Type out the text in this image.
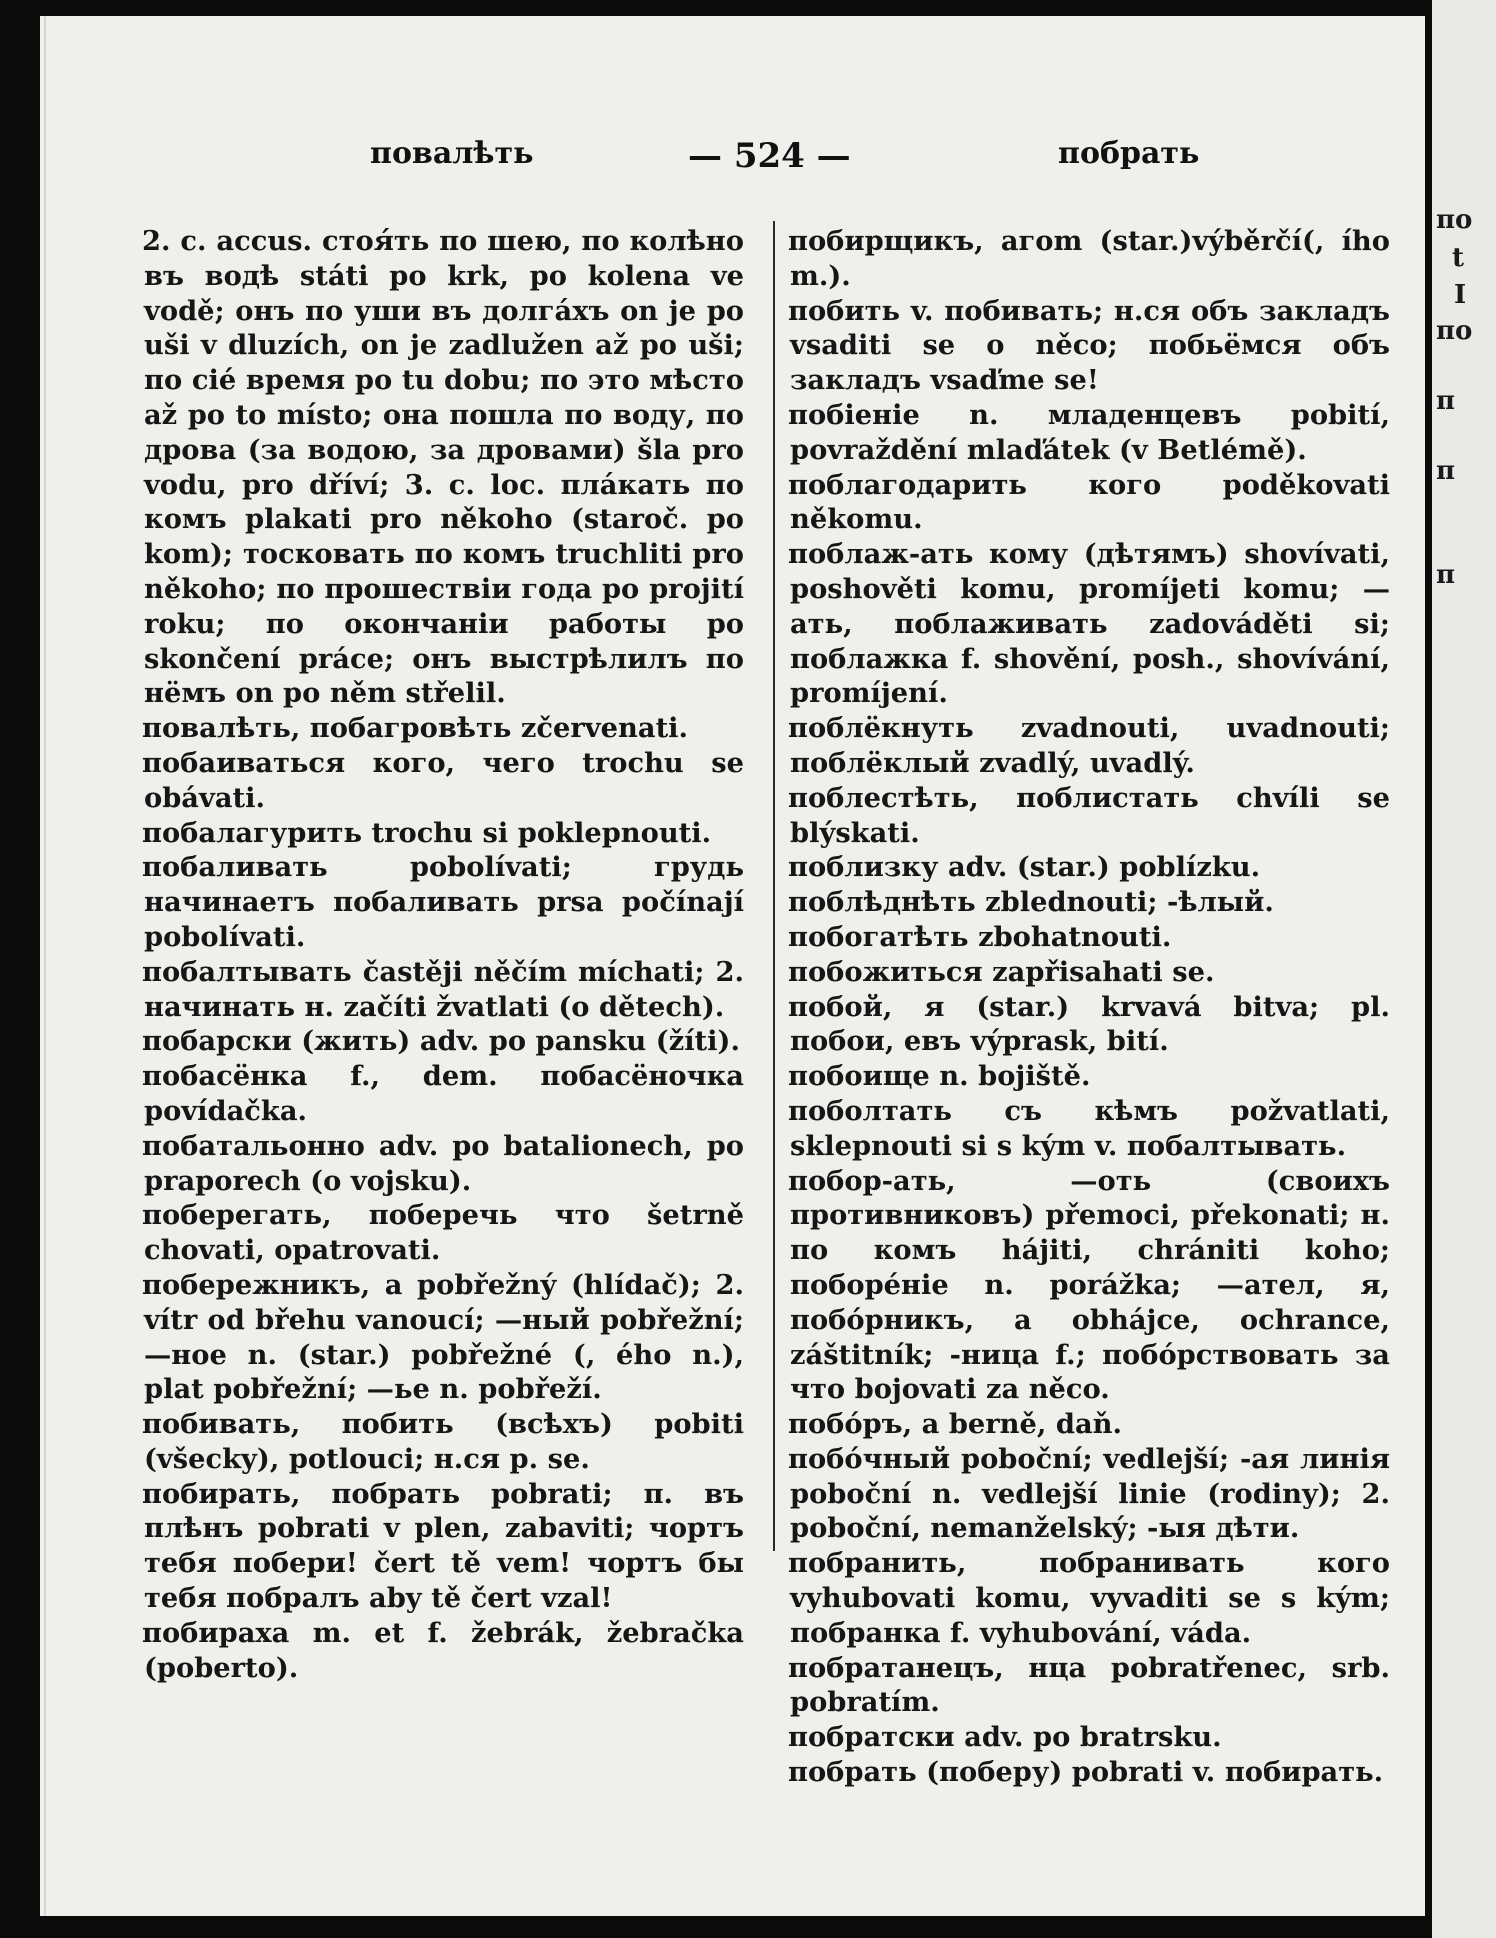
повалѣть	— 524 —	побрать

2. c. accus. стоя́ть по шею, по колѣно въ водѣ státi po krk, po kolena ve vodě; онъ по уши въ долга́хъ on je po uši v dluzích, on je zadlužen až po uši; по cié время po tu dobu; по это мѣсто až po to místo; она пошла по воду, по дрова (за водою, за дровами) šla pro vodu, pro dříví; 3. c. loc. пла́кать по комъ plakati pro někoho (staroč. po kom); тосковать по комъ truchliti pro někoho; по прошествіи года po projití roku; по окончаніи работы po skončení práce; онъ выстрѣлилъ по нёмъ on po něm střelil.

повалѣть, побагровѣть zčervenati.

побаиваться кого, чего trochu se obávati.

побалагурить trochu si poklepnouti.

побаливать pobolívati; грудь начинаетъ побаливать prsa počínají pobolívati.

побалтывать častěji něčím míchati; 2. начинать н. začíti žvatlati (o dětech).

побарски (жить) adv. po pansku (žíti).

побасёнка f., dem. побасёночка povídačka.

побатальонно adv. po batalionech, po praporech (o vojsku).

поберегать, поберечь что šetrně chovati, opatrovati.

побережникъ, a pobřežný (hlídač); 2. vítr od břehu vanoucí; —ный pobřežní; —ное n. (star.) pobřežné (, ého n.), plat pobřežní; —ье n. pobřeží.

побивать, побить (всѣхъ) pobiti (všecky), potlouci; н.ся p. se.

побирать, побрать pobrati; п. въ плѣнъ pobrati v plen, zabaviti; чортъ тебя побери! čert tě vem! чортъ бы тебя побралъ aby tě čert vzal!

побираха m. et f. žebrák, žebračka (poberto).

побирщикъ, aгоm (star.)výběrčí(, ího m.).

побить v. побивать; н.ся объ закладъ vsaditi se o něco; побьёмся объ закладъ vsaďme se!

побіеніе n. младенцевъ pobití, povraždění mlaďátek (v Betlémě).

поблагодарить кого poděkovati někomu.

поблаж-ать кому (дѣтямъ) shovívati, poshověti komu, promíjeti komu; —ать, поблаживать zadováděti si; поблажка f. shovění, posh., shovívání, promíjení.

поблёкнуть zvadnouti, uvadnouti; поблёклый zvadlý, uvadlý.

поблестѣть, поблистать chvíli se blýskati.

поблизку adv. (star.) poblízku.

поблѣднѣть zblednouti; -ѣлый.

побогатѣть zbohatnouti.

побожиться zapřisahati se.

побой, я (star.) krvavá bitva; pl. побои, евъ výprask, bití.

побоище n. bojiště.

поболтать съ кѣмъ požvatlati, sklepnouti si s kým v. побалтывать.

побор-ать, —оть (своихъ противниковъ) přemoci, překonati; н. по комъ hájiti, chrániti koho; поборéніе n. porážka; —ател, я, побóрникъ, a obhájce, ochrance, záštitník; -ница f.; побóрствовать за что bojovati za něco.

побóръ, a berně, daň.

побóчный poboční; vedlejší; -ая линія poboční n. vedlejší linie (rodiny); 2. poboční, nemanželský; -ыя дѣти.

побранить, побранивать кого vyhubovati komu, vyvaditi se s kým; побранка f. vyhubování, váda.

побратанецъ, нца pobratřenec, srb. pobratím.

побратски adv. po bratrsku.

побрать (поберу) pobrati v. побирать.

по
t
I
по
п
п
п
